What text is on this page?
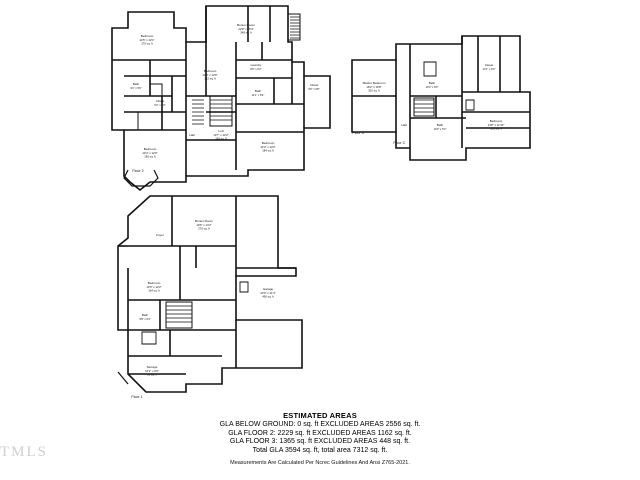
Bedroom
14'5" x 12'1"
170 sq. ft
Bonus Room
22'8" x 15'4"
348 sq. ft
Bath
9'1" x 5'6"
Closet
6'2" x 5'0"
Bedroom
13'0" x 12'6"
162 sq. ft
Hall
Loft
13'7" x 12'2"
165 sq. ft
Laundry
8'6" x 6'2"
Bath
11'1" x 6'4"
Bedroom
14'0" x 13'2"
184 sq. ft
Closet
9'0" x 6'8"
Bedroom
13'4" x 12'0"
160 sq. ft
Master Bedroom
18'2" x 16'8"
302 sq. ft
Bath
10'4" x 8'0"
Closet
14'1" x 6'0"
Bedroom
13'8" x 11'10"
161 sq. ft
Bath
10'0" x 5'4"
Hall
Bonus Room
19'6" x 14'2"
276 sq. ft
Garage
23'0" x 21'4"
490 sq. ft
Bedroom
13'6" x 12'2"
164 sq. ft
Bath
9'8" x 6'4"
Foyer
Storage
10'2" x 9'0"
91 sq. ft
Floor 2
Floor 3
Floor 3
Floor 1
ESTIMATED AREAS
GLA BELOW GROUND: 0 sq. ft EXCLUDED AREAS 2556 sq. ft.
GLA FLOOR 2: 2229 sq. ft EXCLUDED AREAS 1162 sq. ft.
GLA FLOOR 3: 1365 sq. ft EXCLUDED AREAS 448 sq. ft.
Total GLA 3594 sq. ft, total area 7312 sq. ft.
Measurements Are Calculated Per Ncrec Guidelines And Ansi Z765-2021.
TMLS
